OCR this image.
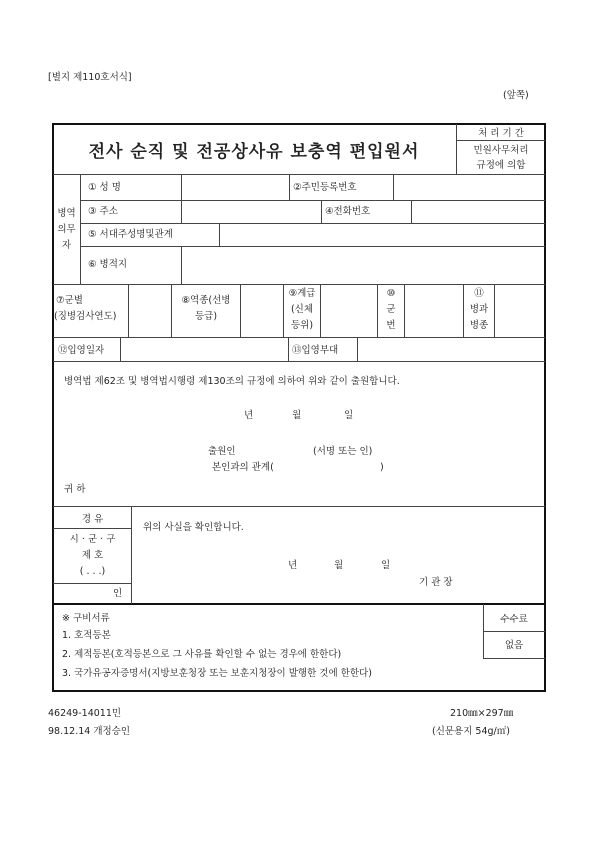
[별지 제110호서식]
(앞쪽)
전사 순직 및 전공상사유 보충역 편입원서
처 리 기 간
민원사무처리
규정에 의함
병역
의무
자
① 성 명	②주민등록번호
③ 주소	④전화번호
⑤ 서대주성명및관계
⑥ 병적지
⑦군별
(징병검사연도)
⑧역종(선병
등급)
⑨계급
(신체
등위)
⑩
군
번
⑪
병과
병종
⑫입영일자	⑬입영부대
병역법 제62조 및 병역법시행령 제130조의 규정에 의하여 위와 같이 출원합니다.
년	월	일
출원인	(서명 또는 인)
본인과의 관계(	)
귀 하
경 유
시 · 군 · 구
제 호
( . . .)
인
위의 사실을 확인합니다.
년	월	일
기 관 장
수수료
없음
※ 구비서류
1. 호적등본
2. 제적등본(호적등본으로 그 사유를 확인할 수 없는 경우에 한한다)
3. 국가유공자증명서(지방보훈청장 또는 보훈지청장이 발행한 것에 한한다)
46249-14011민
98.12.14 개정승인
210㎜×297㎜
(신문용지 54g/㎡)
